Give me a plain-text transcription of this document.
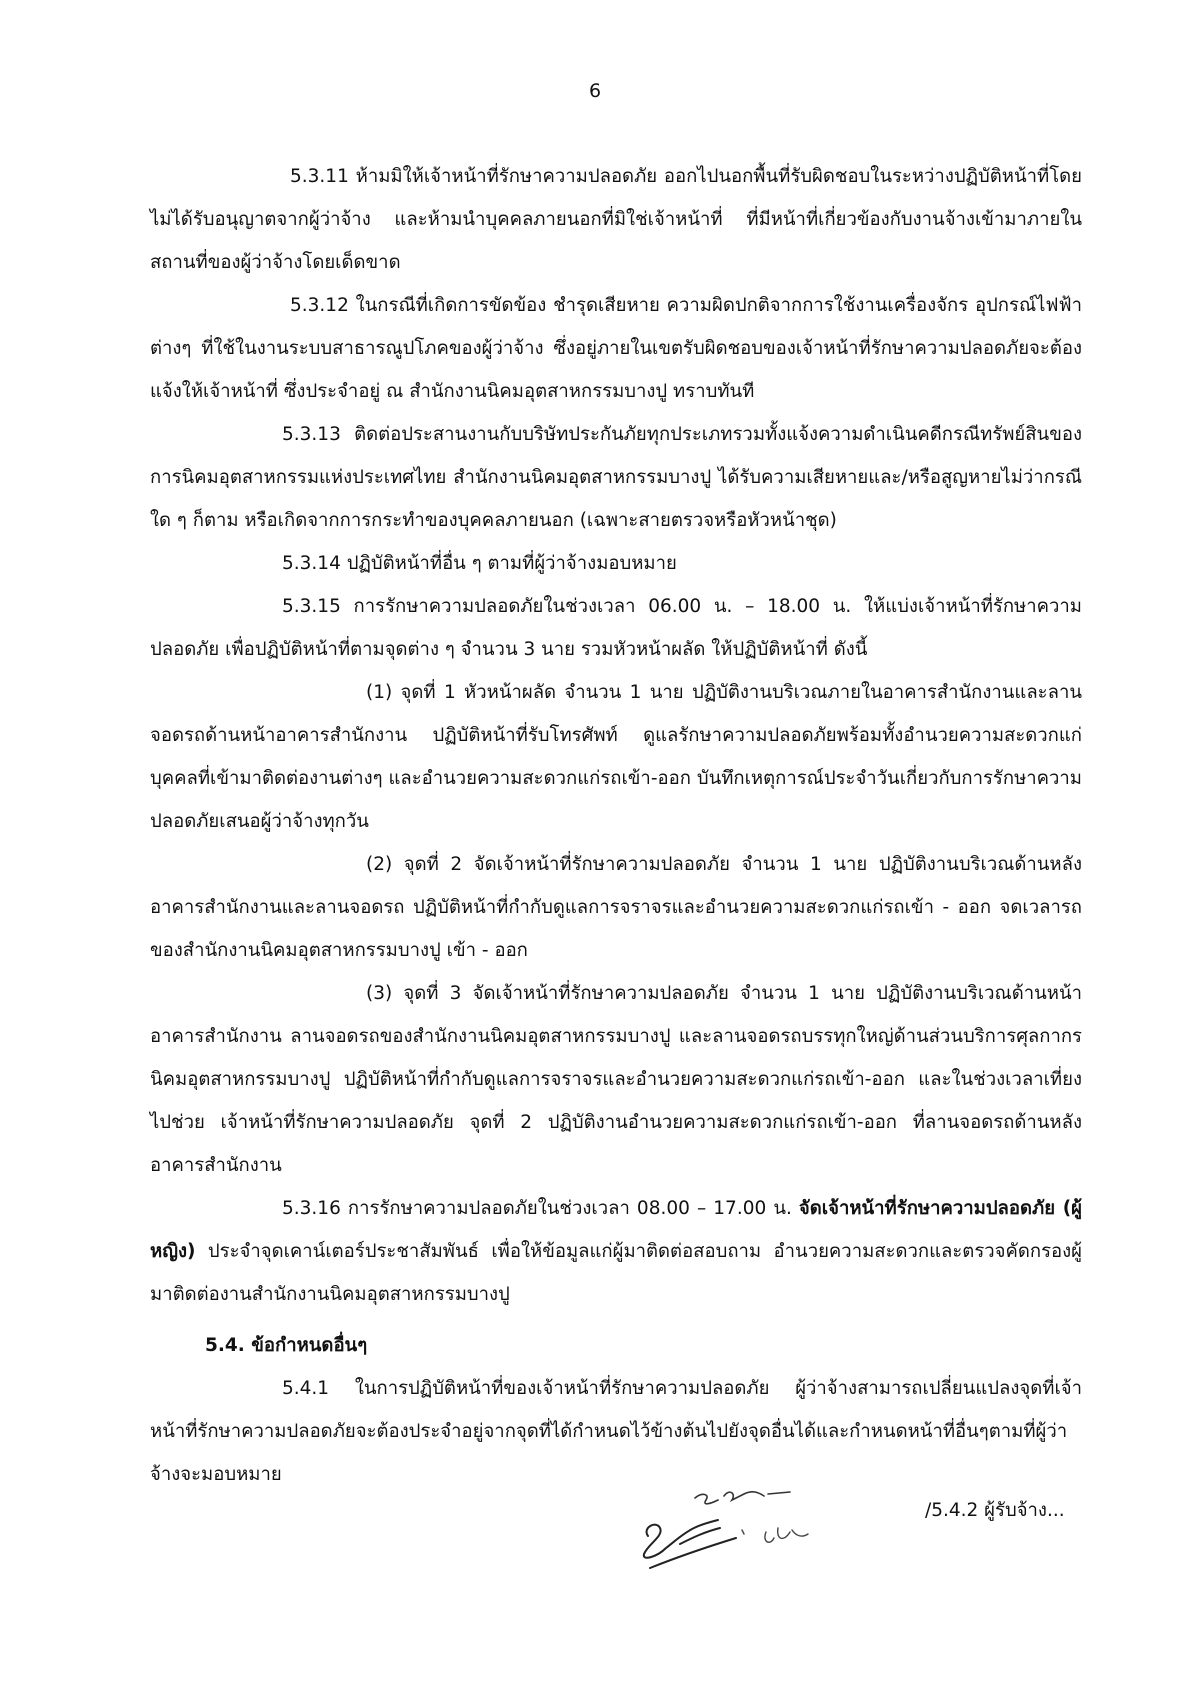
6

5.3.11 ห้ามมิให้เจ้าหน้าที่รักษาความปลอดภัย ออกไปนอกพื้นที่รับผิดชอบในระหว่างปฏิบัติหน้าที่โดยไม่ได้รับอนุญาตจากผู้ว่าจ้าง และห้ามนำบุคคลภายนอกที่มิใช่เจ้าหน้าที่ ที่มีหน้าที่เกี่ยวข้องกับงานจ้างเข้ามาภายในสถานที่ของผู้ว่าจ้างโดยเด็ดขาด

5.3.12 ในกรณีที่เกิดการขัดข้อง ชำรุดเสียหาย ความผิดปกติจากการใช้งานเครื่องจักร อุปกรณ์ไฟฟ้าต่างๆ ที่ใช้ในงานระบบสาธารณูปโภคของผู้ว่าจ้าง ซึ่งอยู่ภายในเขตรับผิดชอบของเจ้าหน้าที่รักษาความปลอดภัยจะต้องแจ้งให้เจ้าหน้าที่ ซึ่งประจำอยู่ ณ สำนักงานนิคมอุตสาหกรรมบางปู ทราบทันที

5.3.13 ติดต่อประสานงานกับบริษัทประกันภัยทุกประเภทรวมทั้งแจ้งความดำเนินคดีกรณีทรัพย์สินของการนิคมอุตสาหกรรมแห่งประเทศไทย สำนักงานนิคมอุตสาหกรรมบางปู ได้รับความเสียหายและ/หรือสูญหายไม่ว่ากรณีใด ๆ ก็ตาม หรือเกิดจากการกระทำของบุคคลภายนอก (เฉพาะสายตรวจหรือหัวหน้าชุด)

5.3.14 ปฏิบัติหน้าที่อื่น ๆ ตามที่ผู้ว่าจ้างมอบหมาย

5.3.15 การรักษาความปลอดภัยในช่วงเวลา 06.00 น. – 18.00 น. ให้แบ่งเจ้าหน้าที่รักษาความปลอดภัย เพื่อปฏิบัติหน้าที่ตามจุดต่าง ๆ จำนวน 3 นาย รวมหัวหน้าผลัด ให้ปฏิบัติหน้าที่ ดังนี้

(1) จุดที่ 1 หัวหน้าผลัด จำนวน 1 นาย ปฏิบัติงานบริเวณภายในอาคารสำนักงานและลานจอดรถด้านหน้าอาคารสำนักงาน ปฏิบัติหน้าที่รับโทรศัพท์ ดูแลรักษาความปลอดภัยพร้อมทั้งอำนวยความสะดวกแก่บุคคลที่เข้ามาติดต่องานต่างๆ และอำนวยความสะดวกแก่รถเข้า-ออก บันทึกเหตุการณ์ประจำวันเกี่ยวกับการรักษาความปลอดภัยเสนอผู้ว่าจ้างทุกวัน

(2) จุดที่ 2 จัดเจ้าหน้าที่รักษาความปลอดภัย จำนวน 1 นาย ปฏิบัติงานบริเวณด้านหลังอาคารสำนักงานและลานจอดรถ ปฏิบัติหน้าที่กำกับดูแลการจราจรและอำนวยความสะดวกแก่รถเข้า - ออก จดเวลารถ ของสำนักงานนิคมอุตสาหกรรมบางปู เข้า - ออก

(3) จุดที่ 3 จัดเจ้าหน้าที่รักษาความปลอดภัย จำนวน 1 นาย ปฏิบัติงานบริเวณด้านหน้าอาคารสำนักงาน ลานจอดรถของสำนักงานนิคมอุตสาหกรรมบางปู และลานจอดรถบรรทุกใหญ่ด้านส่วนบริการศุลกากรนิคมอุตสาหกรรมบางปู ปฏิบัติหน้าที่กำกับดูแลการจราจรและอำนวยความสะดวกแก่รถเข้า-ออก และในช่วงเวลาเที่ยงไปช่วย เจ้าหน้าที่รักษาความปลอดภัย จุดที่ 2 ปฏิบัติงานอำนวยความสะดวกแก่รถเข้า-ออก ที่ลานจอดรถด้านหลังอาคารสำนักงาน

5.3.16 การรักษาความปลอดภัยในช่วงเวลา 08.00 – 17.00 น. จัดเจ้าหน้าที่รักษาความปลอดภัย (ผู้หญิง) ประจำจุดเคาน์เตอร์ประชาสัมพันธ์ เพื่อให้ข้อมูลแก่ผู้มาติดต่อสอบถาม อำนวยความสะดวกและตรวจคัดกรองผู้มาติดต่องานสำนักงานนิคมอุตสาหกรรมบางปู

5.4. ข้อกำหนดอื่นๆ

5.4.1 ในการปฏิบัติหน้าที่ของเจ้าหน้าที่รักษาความปลอดภัย ผู้ว่าจ้างสามารถเปลี่ยนแปลงจุดที่เจ้าหน้าที่รักษาความปลอดภัยจะต้องประจำอยู่จากจุดที่ได้กำหนดไว้ข้างต้นไปยังจุดอื่นได้และกำหนดหน้าที่อื่นๆตามที่ผู้ว่าจ้างจะมอบหมาย

/5.4.2 ผู้รับจ้าง...
